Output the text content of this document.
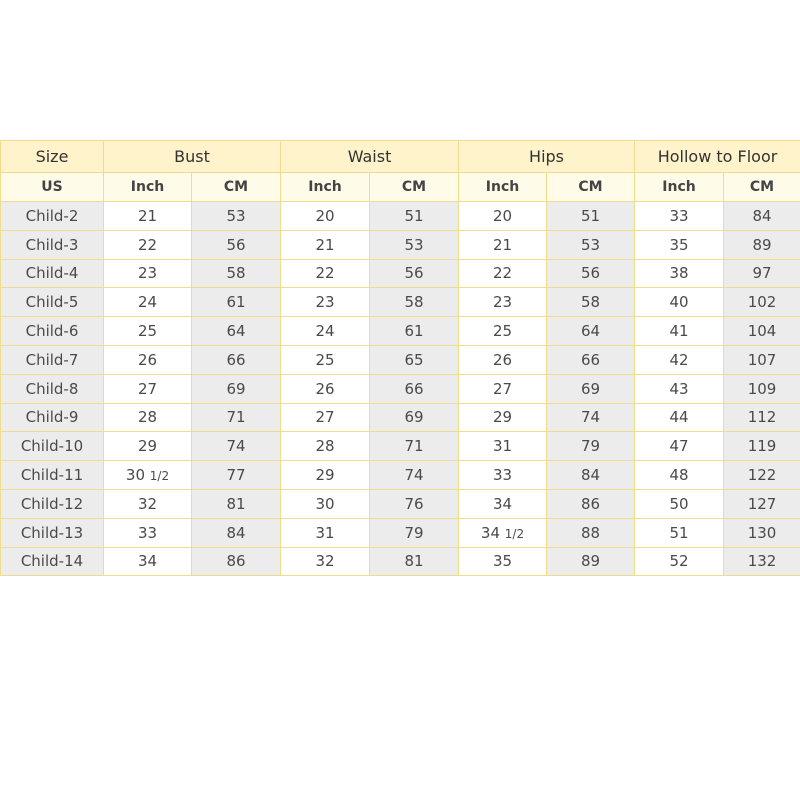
Size	Bust		Waist		Hips		Hollow to Floor	
US	Inch	CM	Inch	CM	Inch	CM	Inch	CM
Child-2	21	53	20	51	20	51	33	84
Child-3	22	56	21	53	21	53	35	89
Child-4	23	58	22	56	22	56	38	97
Child-5	24	61	23	58	23	58	40	102
Child-6	25	64	24	61	25	64	41	104
Child-7	26	66	25	65	26	66	42	107
Child-8	27	69	26	66	27	69	43	109
Child-9	28	71	27	69	29	74	44	112
Child-10	29	74	28	71	31	79	47	119
Child-11	30 1/2	77	29	74	33	84	48	122
Child-12	32	81	30	76	34	86	50	127
Child-13	33	84	31	79	34 1/2	88	51	130
Child-14	34	86	32	81	35	89	52	132
